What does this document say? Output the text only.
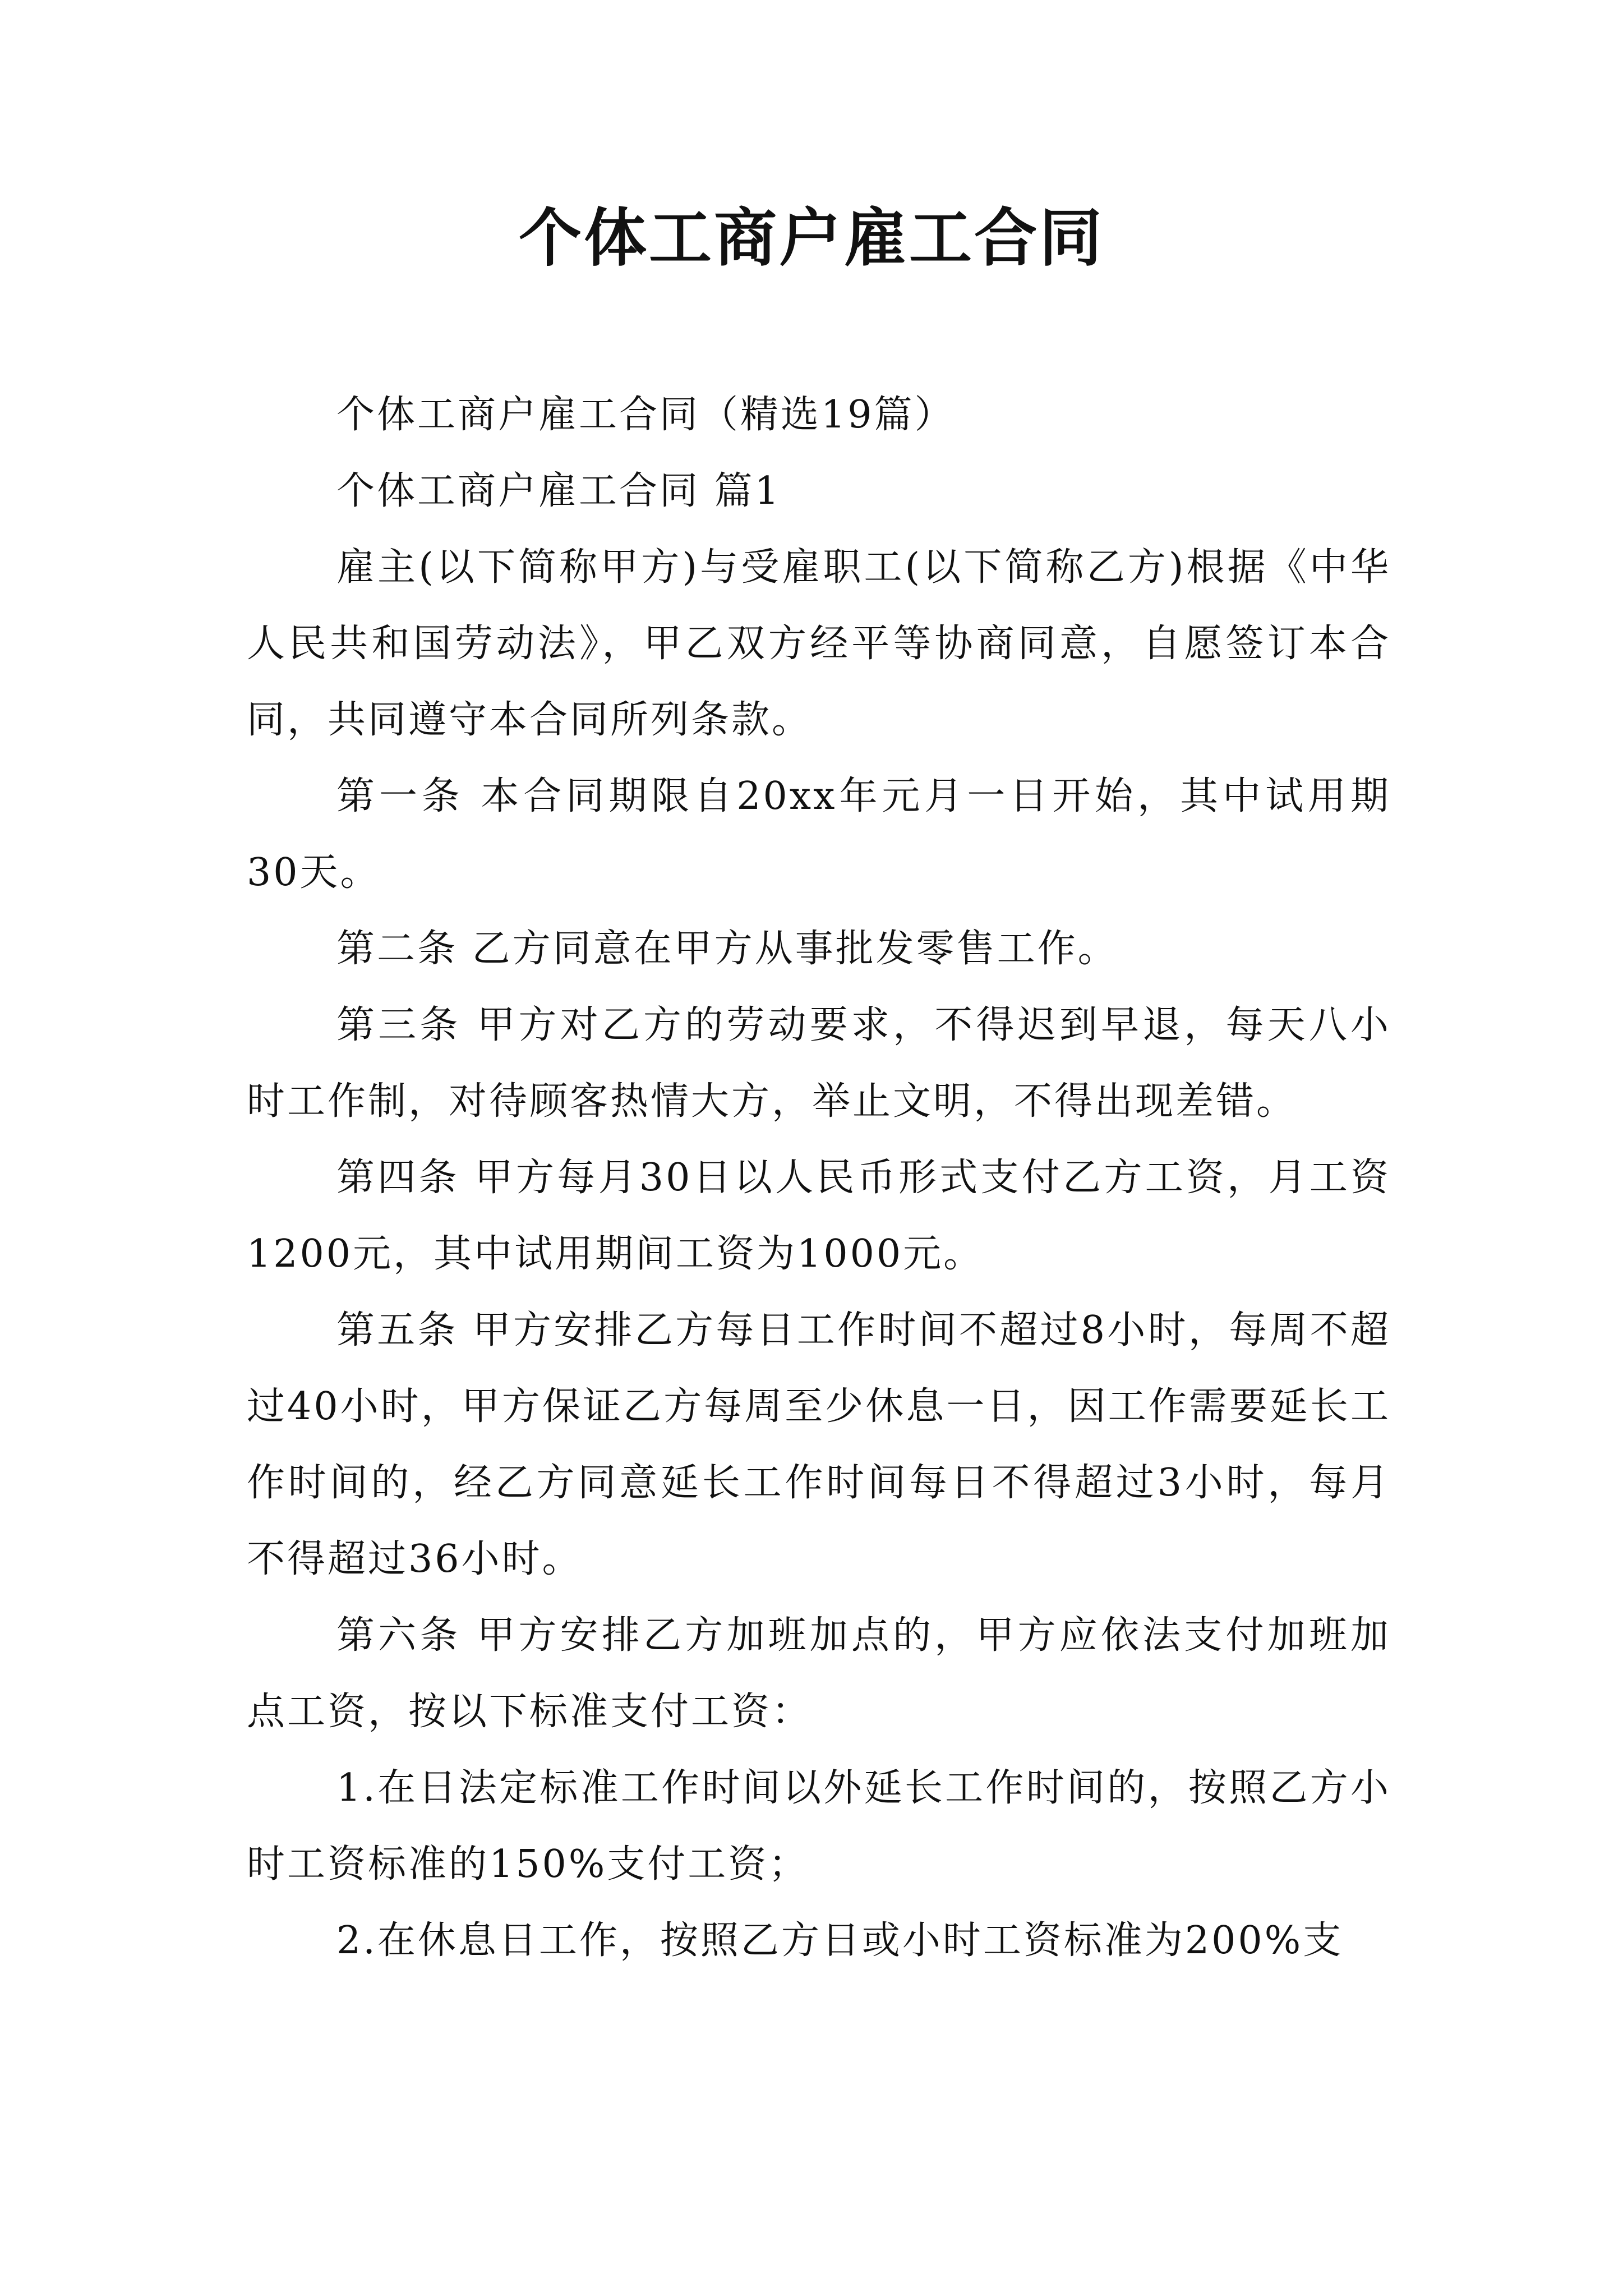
个体工商户雇工合同

个体工商户雇工合同（精选19篇）

个体工商户雇工合同 篇1

雇主(以下简称甲方)与受雇职工(以下简称乙方)根据《中华人民共和国劳动法》，甲乙双方经平等协商同意，自愿签订本合同，共同遵守本合同所列条款。

第一条 本合同期限自20xx年元月一日开始，其中试用期30天。

第二条 乙方同意在甲方从事批发零售工作。

第三条 甲方对乙方的劳动要求，不得迟到早退，每天八小时工作制，对待顾客热情大方，举止文明，不得出现差错。

第四条 甲方每月30日以人民币形式支付乙方工资，月工资1200元，其中试用期间工资为1000元。

第五条 甲方安排乙方每日工作时间不超过8小时，每周不超过40小时，甲方保证乙方每周至少休息一日，因工作需要延长工作时间的，经乙方同意延长工作时间每日不得超过3小时，每月不得超过36小时。

第六条 甲方安排乙方加班加点的，甲方应依法支付加班加点工资，按以下标准支付工资：

1.在日法定标准工作时间以外延长工作时间的，按照乙方小时工资标准的150%支付工资；

2.在休息日工作，按照乙方日或小时工资标准为200%支
